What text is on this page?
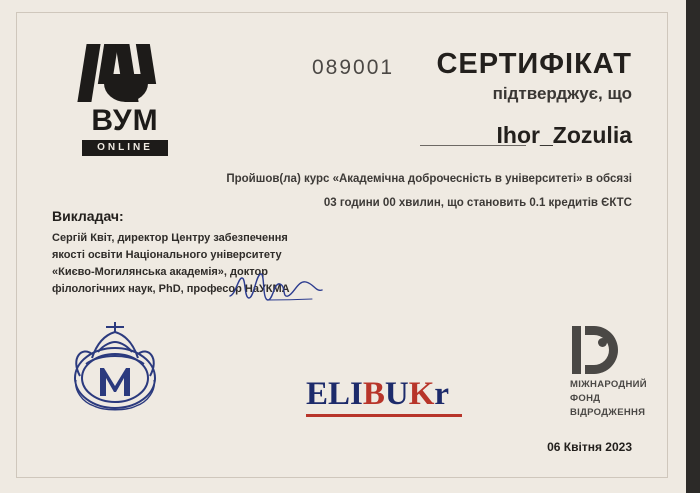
ВУМ
ONLINE
089001 СЕРТИФІКАТ
підтверджує, що
Ihor_Zozulia
Пройшов(ла) курс «Академічна доброчесність в університеті» в обсязі 03 години 00 хвилин, що становить 0.1 кредитів ЄКТС
Викладач:
Сергій Квіт, директор Центру забезпечення якості освіти Національного університету «Києво-Могилянська академія», доктор філологічних наук, PhD, професор НаУКМА
ELIBUKr	МІЖНАРОДНИЙ
ФОНД
ВІДРОДЖЕННЯ
06 Квітня 2023
